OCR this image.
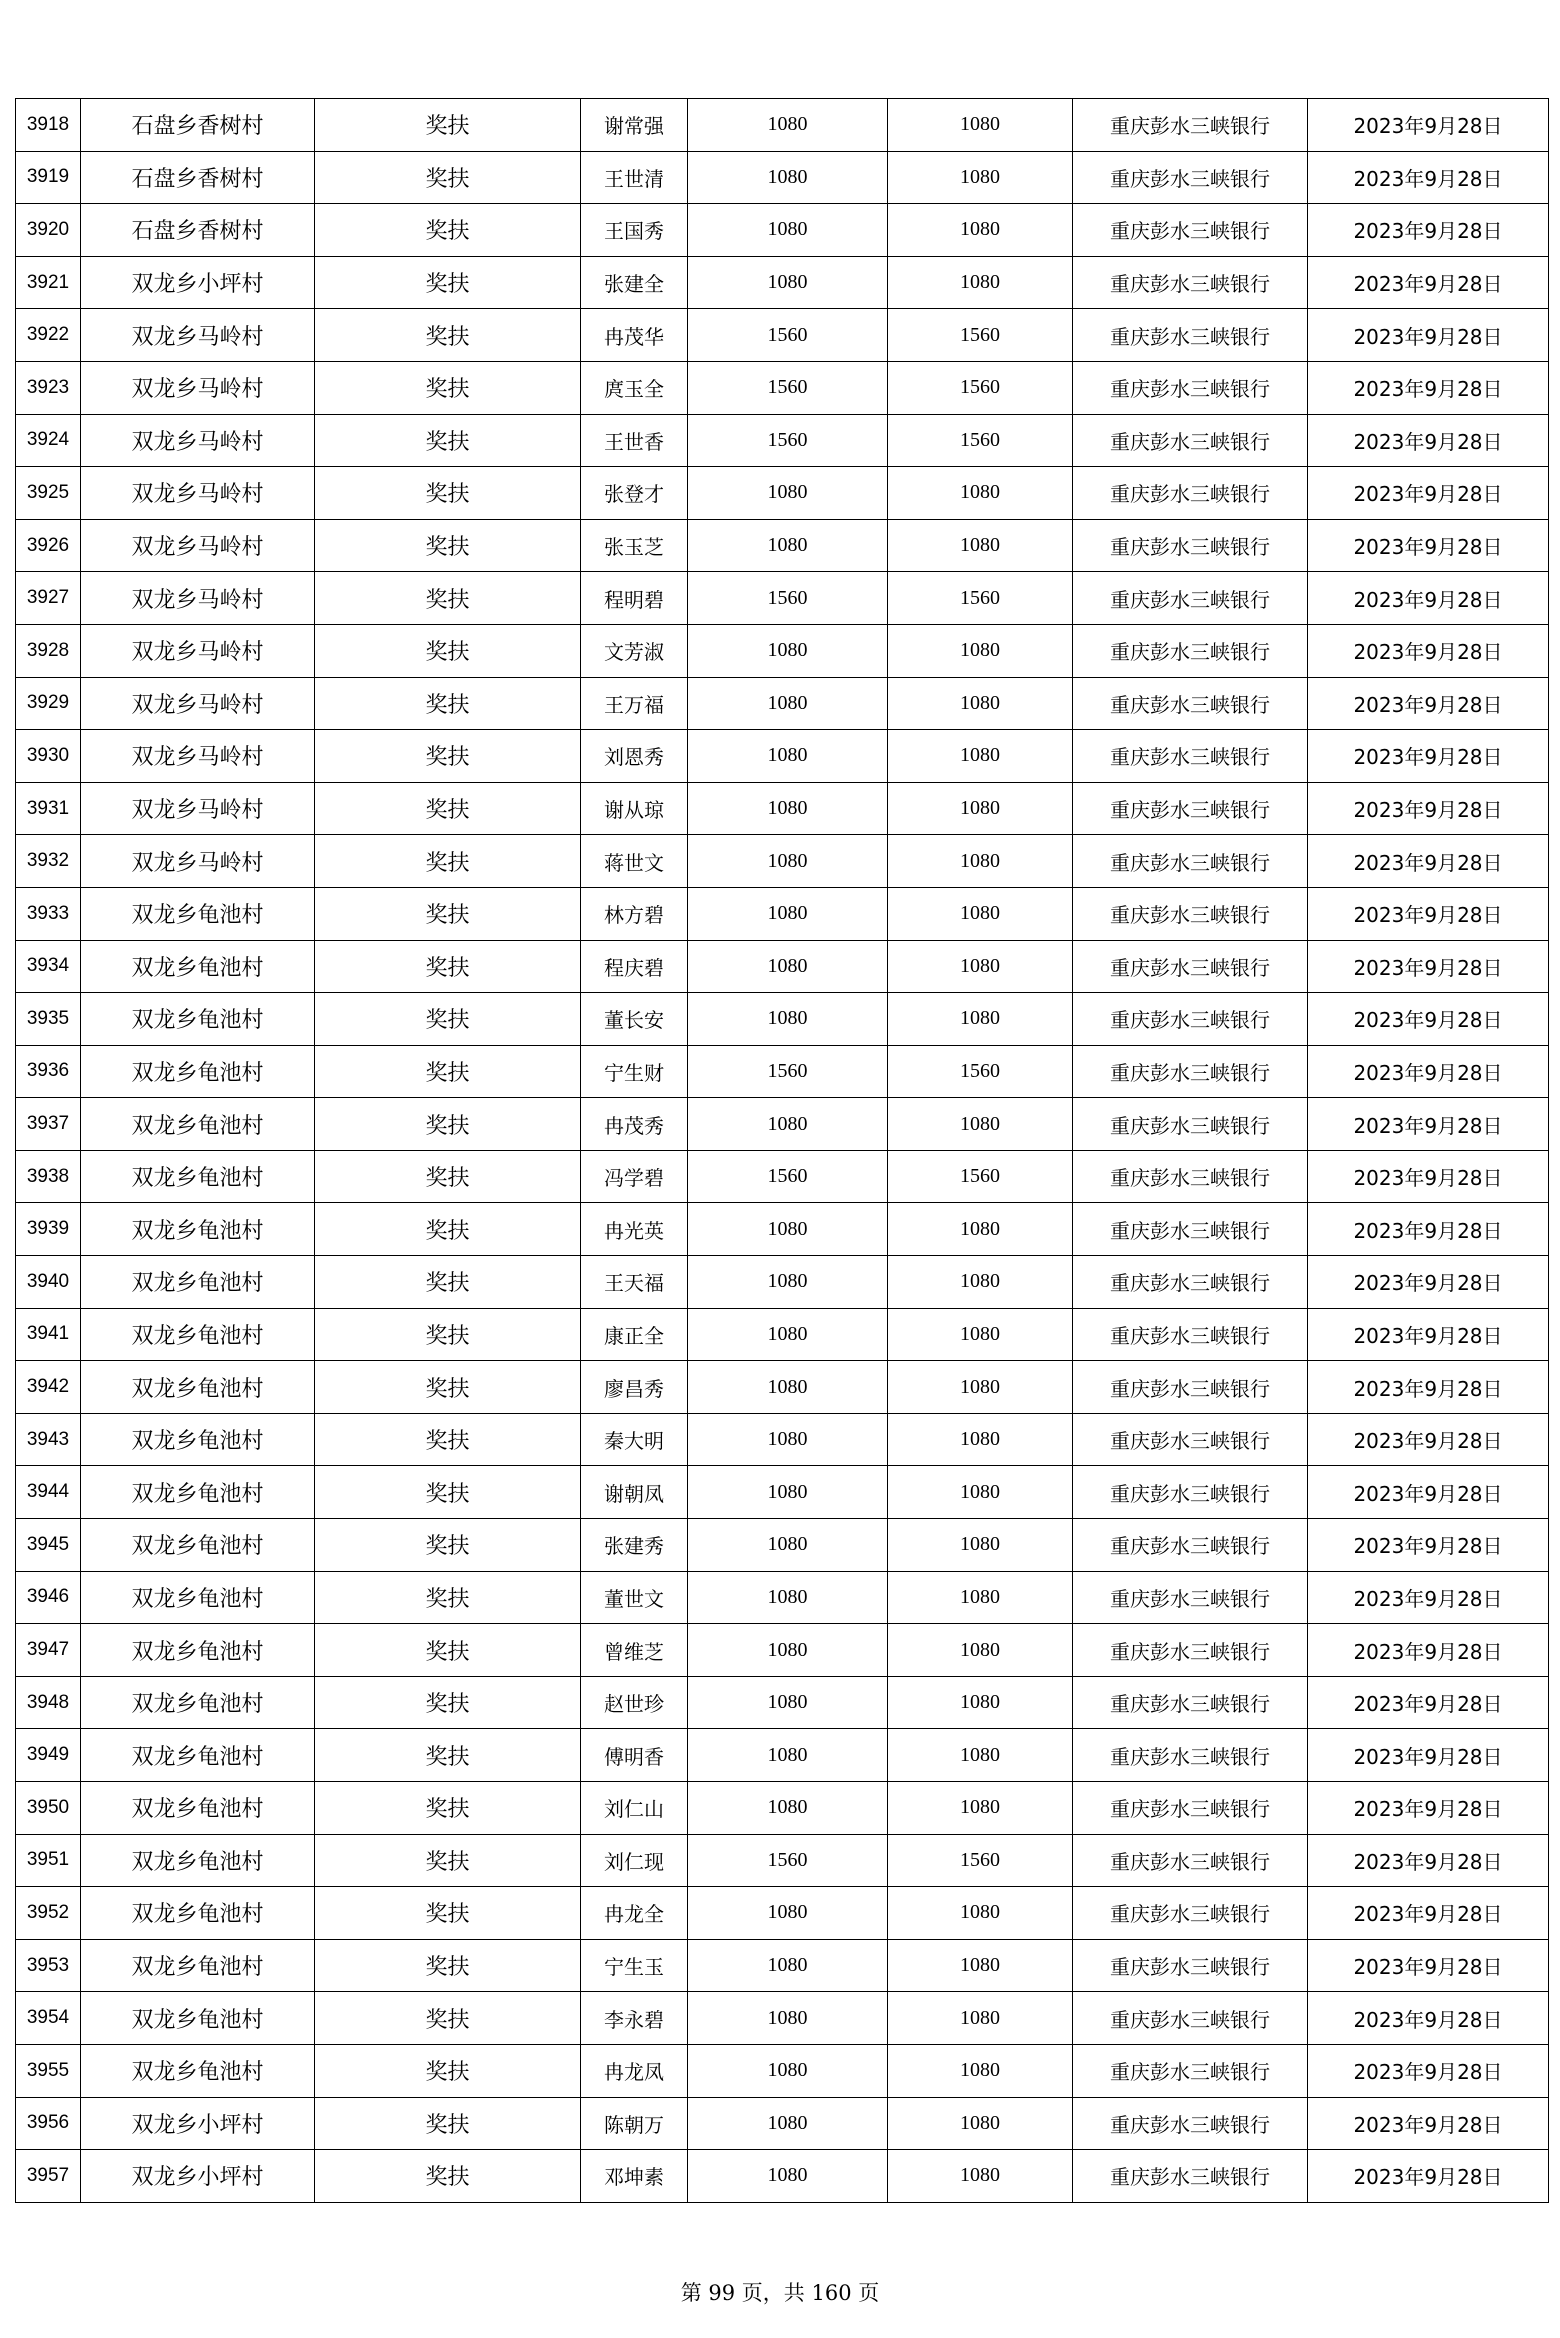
3918	石盘乡香树村	奖扶	谢常强	1080	1080	重庆彭水三峡银行	2023年9月28日
3919	石盘乡香树村	奖扶	王世清	1080	1080	重庆彭水三峡银行	2023年9月28日
3920	石盘乡香树村	奖扶	王国秀	1080	1080	重庆彭水三峡银行	2023年9月28日
3921	双龙乡小坪村	奖扶	张建全	1080	1080	重庆彭水三峡银行	2023年9月28日
3922	双龙乡马岭村	奖扶	冉茂华	1560	1560	重庆彭水三峡银行	2023年9月28日
3923	双龙乡马岭村	奖扶	庹玉全	1560	1560	重庆彭水三峡银行	2023年9月28日
3924	双龙乡马岭村	奖扶	王世香	1560	1560	重庆彭水三峡银行	2023年9月28日
3925	双龙乡马岭村	奖扶	张登才	1080	1080	重庆彭水三峡银行	2023年9月28日
3926	双龙乡马岭村	奖扶	张玉芝	1080	1080	重庆彭水三峡银行	2023年9月28日
3927	双龙乡马岭村	奖扶	程明碧	1560	1560	重庆彭水三峡银行	2023年9月28日
3928	双龙乡马岭村	奖扶	文芳淑	1080	1080	重庆彭水三峡银行	2023年9月28日
3929	双龙乡马岭村	奖扶	王万福	1080	1080	重庆彭水三峡银行	2023年9月28日
3930	双龙乡马岭村	奖扶	刘恩秀	1080	1080	重庆彭水三峡银行	2023年9月28日
3931	双龙乡马岭村	奖扶	谢从琼	1080	1080	重庆彭水三峡银行	2023年9月28日
3932	双龙乡马岭村	奖扶	蒋世文	1080	1080	重庆彭水三峡银行	2023年9月28日
3933	双龙乡龟池村	奖扶	林方碧	1080	1080	重庆彭水三峡银行	2023年9月28日
3934	双龙乡龟池村	奖扶	程庆碧	1080	1080	重庆彭水三峡银行	2023年9月28日
3935	双龙乡龟池村	奖扶	董长安	1080	1080	重庆彭水三峡银行	2023年9月28日
3936	双龙乡龟池村	奖扶	宁生财	1560	1560	重庆彭水三峡银行	2023年9月28日
3937	双龙乡龟池村	奖扶	冉茂秀	1080	1080	重庆彭水三峡银行	2023年9月28日
3938	双龙乡龟池村	奖扶	冯学碧	1560	1560	重庆彭水三峡银行	2023年9月28日
3939	双龙乡龟池村	奖扶	冉光英	1080	1080	重庆彭水三峡银行	2023年9月28日
3940	双龙乡龟池村	奖扶	王天福	1080	1080	重庆彭水三峡银行	2023年9月28日
3941	双龙乡龟池村	奖扶	康正全	1080	1080	重庆彭水三峡银行	2023年9月28日
3942	双龙乡龟池村	奖扶	廖昌秀	1080	1080	重庆彭水三峡银行	2023年9月28日
3943	双龙乡龟池村	奖扶	秦大明	1080	1080	重庆彭水三峡银行	2023年9月28日
3944	双龙乡龟池村	奖扶	谢朝凤	1080	1080	重庆彭水三峡银行	2023年9月28日
3945	双龙乡龟池村	奖扶	张建秀	1080	1080	重庆彭水三峡银行	2023年9月28日
3946	双龙乡龟池村	奖扶	董世文	1080	1080	重庆彭水三峡银行	2023年9月28日
3947	双龙乡龟池村	奖扶	曾维芝	1080	1080	重庆彭水三峡银行	2023年9月28日
3948	双龙乡龟池村	奖扶	赵世珍	1080	1080	重庆彭水三峡银行	2023年9月28日
3949	双龙乡龟池村	奖扶	傅明香	1080	1080	重庆彭水三峡银行	2023年9月28日
3950	双龙乡龟池村	奖扶	刘仁山	1080	1080	重庆彭水三峡银行	2023年9月28日
3951	双龙乡龟池村	奖扶	刘仁现	1560	1560	重庆彭水三峡银行	2023年9月28日
3952	双龙乡龟池村	奖扶	冉龙全	1080	1080	重庆彭水三峡银行	2023年9月28日
3953	双龙乡龟池村	奖扶	宁生玉	1080	1080	重庆彭水三峡银行	2023年9月28日
3954	双龙乡龟池村	奖扶	李永碧	1080	1080	重庆彭水三峡银行	2023年9月28日
3955	双龙乡龟池村	奖扶	冉龙凤	1080	1080	重庆彭水三峡银行	2023年9月28日
3956	双龙乡小坪村	奖扶	陈朝万	1080	1080	重庆彭水三峡银行	2023年9月28日
3957	双龙乡小坪村	奖扶	邓坤素	1080	1080	重庆彭水三峡银行	2023年9月28日
第 99 页，共 160 页
